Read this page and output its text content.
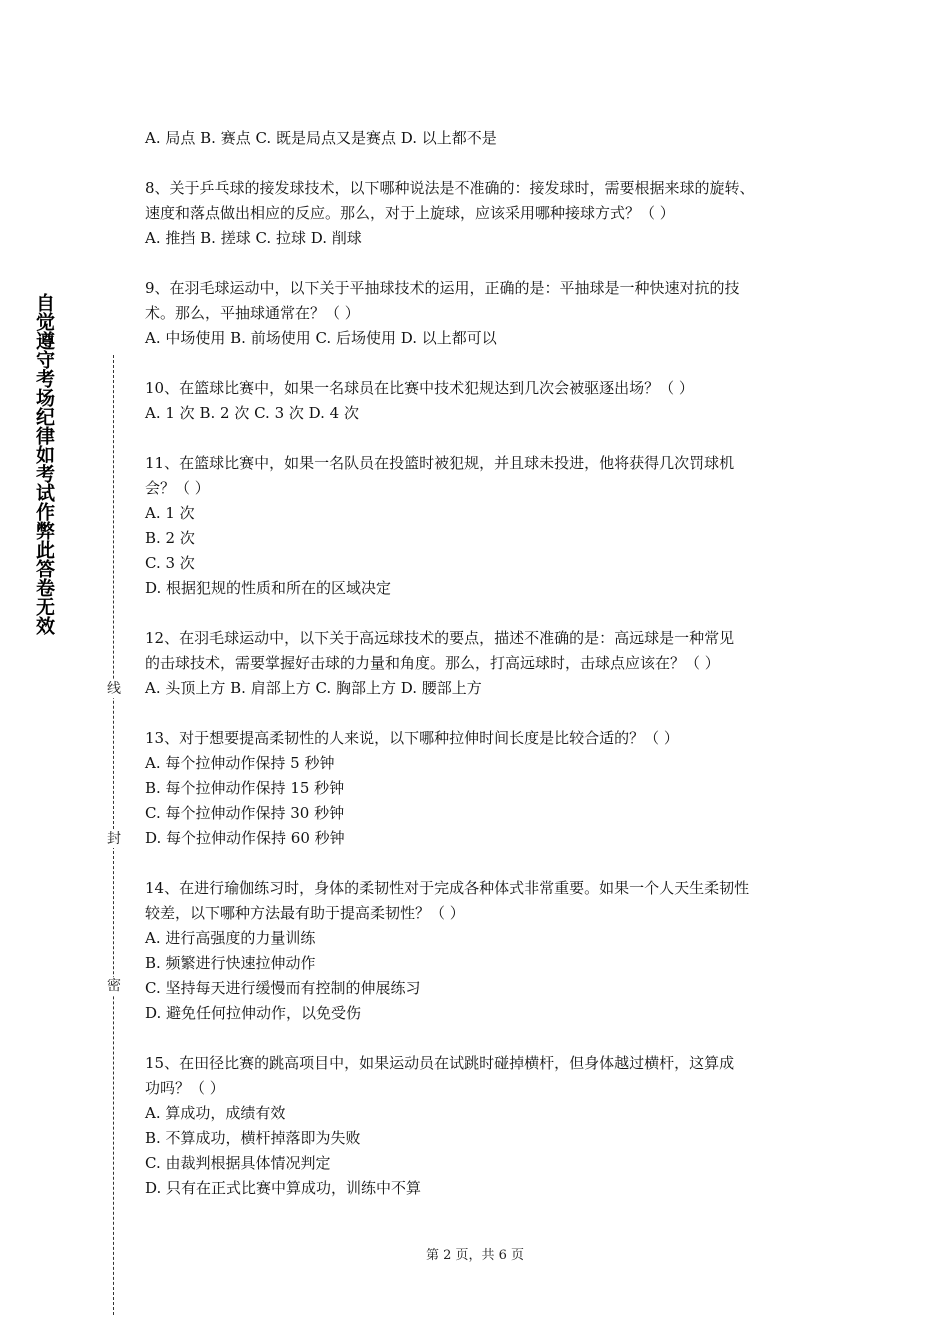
自觉遵守考场纪律如考试作弊此答卷无效
线
封
密

A. 局点 B. 赛点 C. 既是局点又是赛点 D. 以上都不是

8、关于乒乓球的接发球技术，以下哪种说法是不准确的：接发球时，需要根据来球的旋转、

速度和落点做出相应的反应。那么，对于上旋球，应该采用哪种接球方式？（ ）

A. 推挡 B. 搓球 C. 拉球 D. 削球

9、在羽毛球运动中，以下关于平抽球技术的运用，正确的是：平抽球是一种快速对抗的技

术。那么，平抽球通常在？（ ）

A. 中场使用 B. 前场使用 C. 后场使用 D. 以上都可以

10、在篮球比赛中，如果一名球员在比赛中技术犯规达到几次会被驱逐出场？（ ）

A. 1 次 B. 2 次 C. 3 次 D. 4 次

11、在篮球比赛中，如果一名队员在投篮时被犯规，并且球未投进，他将获得几次罚球机

会？（ ）

A. 1 次

B. 2 次

C. 3 次

D. 根据犯规的性质和所在的区域决定

12、在羽毛球运动中，以下关于高远球技术的要点，描述不准确的是：高远球是一种常见

的击球技术，需要掌握好击球的力量和角度。那么，打高远球时，击球点应该在？（ ）

A. 头顶上方 B. 肩部上方 C. 胸部上方 D. 腰部上方

13、对于想要提高柔韧性的人来说，以下哪种拉伸时间长度是比较合适的？（ ）

A. 每个拉伸动作保持 5 秒钟

B. 每个拉伸动作保持 15 秒钟

C. 每个拉伸动作保持 30 秒钟

D. 每个拉伸动作保持 60 秒钟

14、在进行瑜伽练习时，身体的柔韧性对于完成各种体式非常重要。如果一个人天生柔韧性

较差，以下哪种方法最有助于提高柔韧性？（ ）

A. 进行高强度的力量训练

B. 频繁进行快速拉伸动作

C. 坚持每天进行缓慢而有控制的伸展练习

D. 避免任何拉伸动作，以免受伤

15、在田径比赛的跳高项目中，如果运动员在试跳时碰掉横杆，但身体越过横杆，这算成

功吗？（ ）

A. 算成功，成绩有效

B. 不算成功，横杆掉落即为失败

C. 由裁判根据具体情况判定

D. 只有在正式比赛中算成功，训练中不算

第 2 页，共 6 页
